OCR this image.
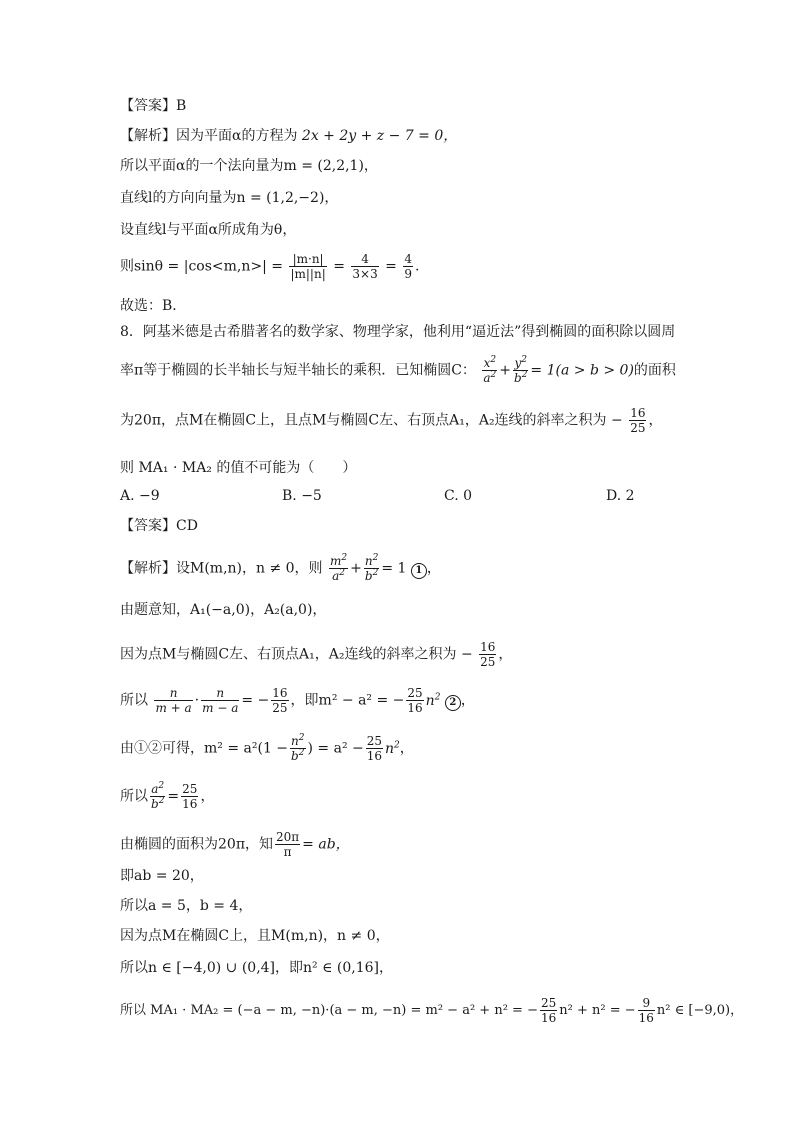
【答案】B
【解析】因为平面α的方程为 2x + 2y + z − 7 = 0，
所以平面α的一个法向量为m = (2,2,1)，
直线l的方向向量为n = (1,2,−2)，
设直线l与平面α所成角为θ，
则$\sin\theta = |\cos<m,n>| = \frac{|m\cdot n|}{|m||n|} = \frac{4}{3\times 3} = \frac{4}{9}$ .
故选：B．
8．阿基米德是古希腊著名的数学家、物理学家，他利用“逼近法”得到椭圆的面积除以圆周
率π等于椭圆的长半轴长与短半轴长的乘积．已知椭圆C： $\frac{x^2}{a^2} + \frac{y^2}{b^2} = 1(a > b > 0)$的面积
为20π，点M在椭圆C上，且点M与椭圆C左、右顶点A₁，A₂连线的斜率之积为 − $\frac{16}{25}$ ，
则 MA₁ · MA₂ 的值不可能为（　　）
A. −9	B. −5	C. 0	D. 2
【答案】CD
【解析】设M(m,n)，n ≠ 0，则 $\frac{m^2}{a^2} + \frac{n^2}{b^2} = 1$ 1 ，
由题意知，A₁(−a,0)，A₂(a,0)，
因为点M与椭圆C左、右顶点A₁，A₂连线的斜率之积为 − $\frac{16}{25}$ ，
所以 $\frac{n}{m + a} \cdot \frac{n}{m - a}$ = − $\frac{16}{25}$ ，即m² − a² = − $\frac{25}{16} n^2$ 2 ，
由①②可得，$m^2 = a^2(1 - \frac{n^2}{b^2}$ ) = $a^2 - \frac{25}{16} n^2$，
所以 $\frac{a^2}{b^2} = \frac{25}{16}$ ，
由椭圆的面积为20π，知 $\frac{20\pi}{\pi}$ = ab，
即ab = 20，
所以a = 5，b = 4，
因为点M在椭圆C上，且M(m,n)，n ≠ 0，
所以n ∈ [−4,0) ∪ (0,4]，即n² ∈ (0,16]，
所以 MA₁ · MA₂ = (−a − m, −n)·(a − m, −n) = m² − a² + n² = − $\frac{25}{16} n^2 + n^2$ = − $\frac{9}{16} n^2$ ∈ [−9,0)，
